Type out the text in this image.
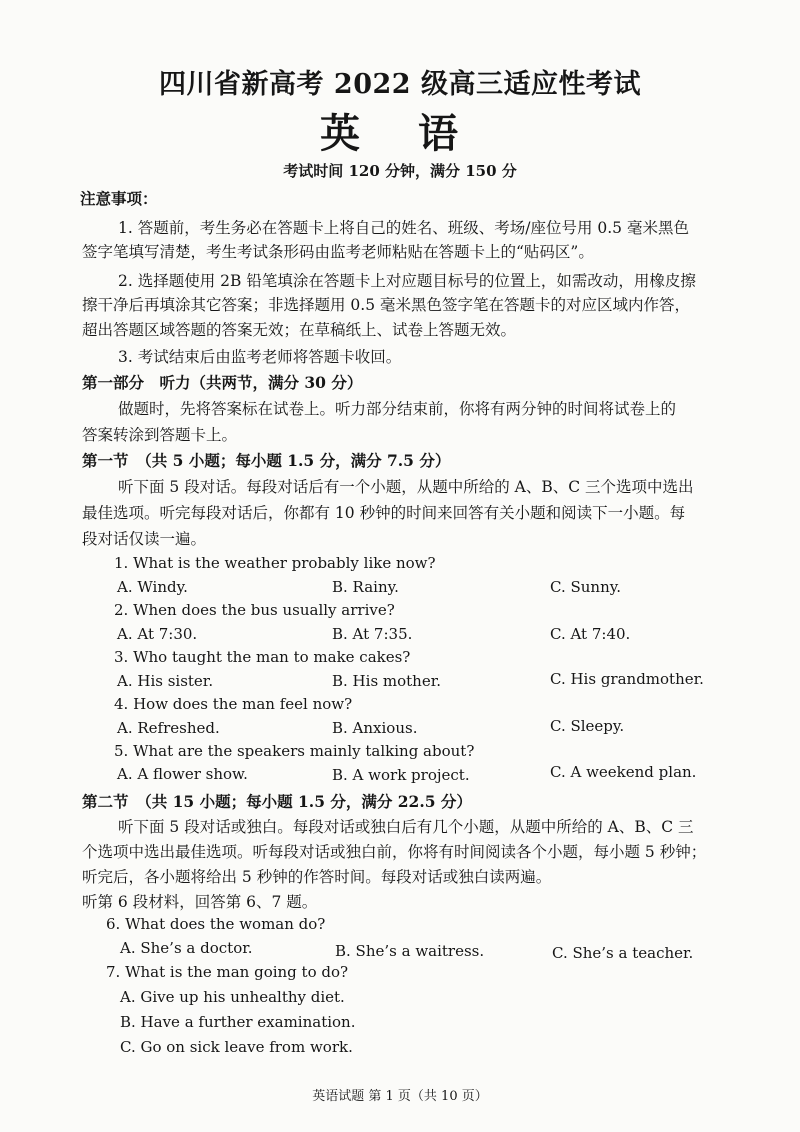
四川省新高考 2022 级高三适应性考试
英 语
考试时间 120 分钟，满分 150 分
注意事项：
1. 答题前，考生务必在答题卡上将自己的姓名、班级、考场/座位号用 0.5 毫米黑色
签字笔填写清楚，考生考试条形码由监考老师粘贴在答题卡上的“贴码区”。
2. 选择题使用 2B 铅笔填涂在答题卡上对应题目标号的位置上，如需改动，用橡皮擦
擦干净后再填涂其它答案；非选择题用 0.5 毫米黑色签字笔在答题卡的对应区域内作答，
超出答题区域答题的答案无效；在草稿纸上、试卷上答题无效。
3. 考试结束后由监考老师将答题卡收回。
第一部分　听力（共两节，满分 30 分）
做题时，先将答案标在试卷上。听力部分结束前，你将有两分钟的时间将试卷上的
答案转涂到答题卡上。
第一节　（共 5 小题；每小题 1.5 分，满分 7.5 分）
听下面 5 段对话。每段对话后有一个小题，从题中所给的 A、B、C 三个选项中选出
最佳选项。听完每段对话后，你都有 10 秒钟的时间来回答有关小题和阅读下一小题。每
段对话仅读一遍。
1. What is the weather probably like now?
A. Windy.	B. Rainy.	C. Sunny.
2. When does the bus usually arrive?
A. At 7:30.	B. At 7:35.	C. At 7:40.
3. Who taught the man to make cakes?
A. His sister.	B. His mother.	C. His grandmother.
4. How does the man feel now?
A. Refreshed.	B. Anxious.	C. Sleepy.
5. What are the speakers mainly talking about?
A. A flower show.	B. A work project.	C. A weekend plan.
第二节　（共 15 小题；每小题 1.5 分，满分 22.5 分）
听下面 5 段对话或独白。每段对话或独白后有几个小题，从题中所给的 A、B、C 三
个选项中选出最佳选项。听每段对话或独白前，你将有时间阅读各个小题，每小题 5 秒钟；
听完后，各小题将给出 5 秒钟的作答时间。每段对话或独白读两遍。
听第 6 段材料，回答第 6、7 题。
6. What does the woman do?
A. She’s a doctor.	B. She’s a waitress.	C. She’s a teacher.
7. What is the man going to do?
A. Give up his unhealthy diet.
B. Have a further examination.
C. Go on sick leave from work.
英语试题 第 1 页（共 10 页）
